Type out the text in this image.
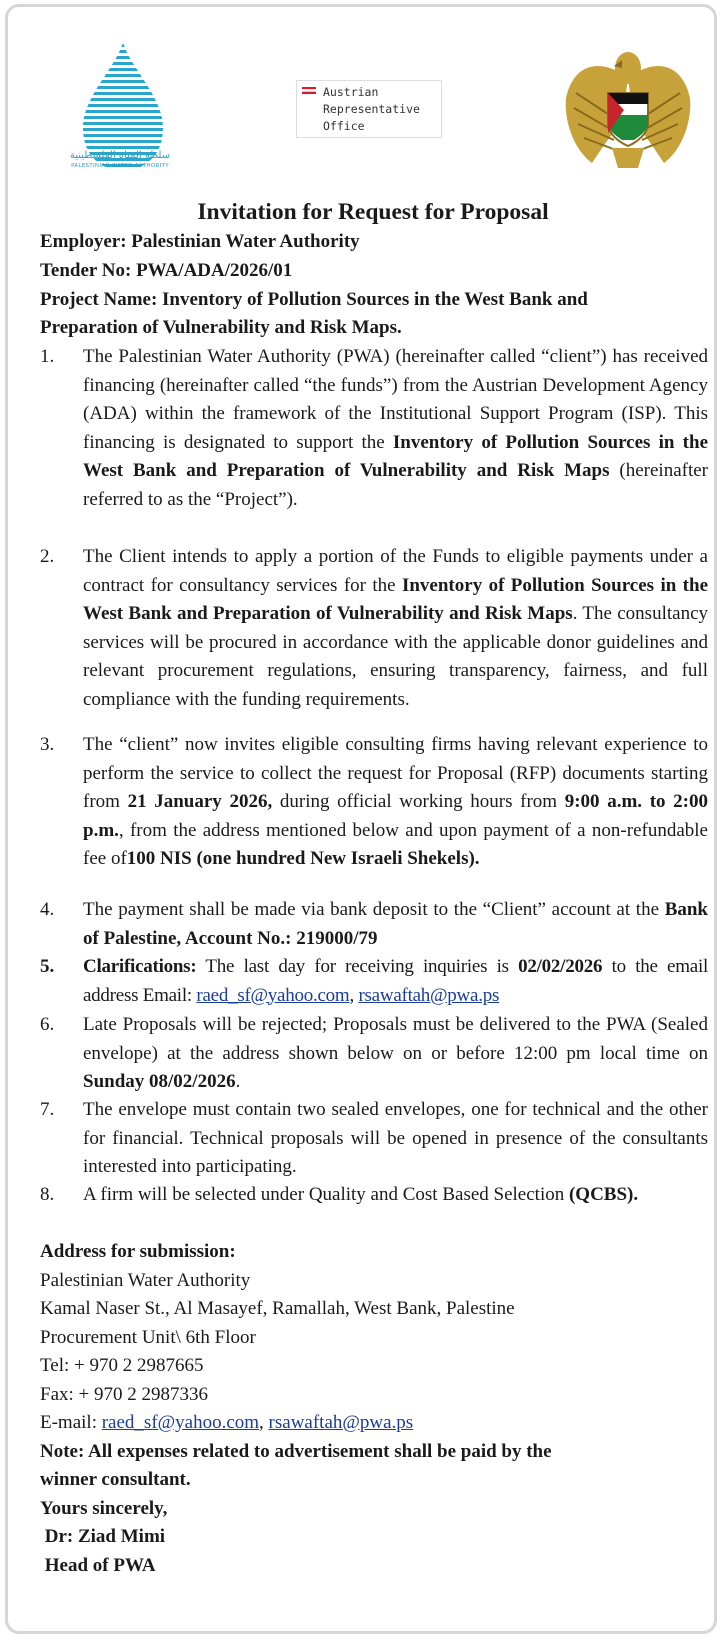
سلطة المياه الفلسطينية
PALESTINIAN WATER AUTHORITY
Austrian
Representative
Office
Invitation for Request for Proposal
Employer: Palestinian Water Authority
Tender No: PWA/ADA/2026/01
Project Name: Inventory of Pollution Sources in the West Bank and
Preparation of Vulnerability and Risk Maps.
1. The Palestinian Water Authority (PWA) (hereinafter called “client”) has received financing (hereinafter called “the funds”) from the Austrian Development Agency (ADA) within the framework of the Institutional Support Program (ISP). This financing is designated to support the Inventory of Pollution Sources in the West Bank and Preparation of Vulnerability and Risk Maps (hereinafter referred to as the “Project”).
2. The Client intends to apply a portion of the Funds to eligible payments under a contract for consultancy services for the Inventory of Pollution Sources in the West Bank and Preparation of Vulnerability and Risk Maps. The consultancy services will be procured in accordance with the applicable donor guidelines and relevant procurement regulations, ensuring transparency, fairness, and full compliance with the funding requirements.
3. The “client” now invites eligible consulting firms having relevant experience to perform the service to collect the request for Proposal (RFP) documents starting from 21 January 2026, during official working hours from 9:00 a.m. to 2:00 p.m., from the address mentioned below and upon payment of a non-refundable fee of100 NIS (one hundred New Israeli Shekels).
4. The payment shall be made via bank deposit to the “Client” account at the Bank of Palestine, Account No.: 219000/79
5. Clarifications: The last day for receiving inquiries is 02/02/2026 to the email address Email: raed_sf@yahoo.com, rsawaftah@pwa.ps
6. Late Proposals will be rejected; Proposals must be delivered to the PWA (Sealed envelope) at the address shown below on or before 12:00 pm local time on Sunday 08/02/2026.
7. The envelope must contain two sealed envelopes, one for technical and the other for financial. Technical proposals will be opened in presence of the consultants interested into participating.
8. A firm will be selected under Quality and Cost Based Selection (QCBS).
Address for submission:
Palestinian Water Authority
Kamal Naser St., Al Masayef, Ramallah, West Bank, Palestine
Procurement Unit\ 6th Floor
Tel: + 970 2 2987665
Fax: + 970 2 2987336
E-mail: raed_sf@yahoo.com, rsawaftah@pwa.ps
Note: All expenses related to advertisement shall be paid by the
winner consultant.
Yours sincerely,
Dr: Ziad Mimi
Head of PWA
